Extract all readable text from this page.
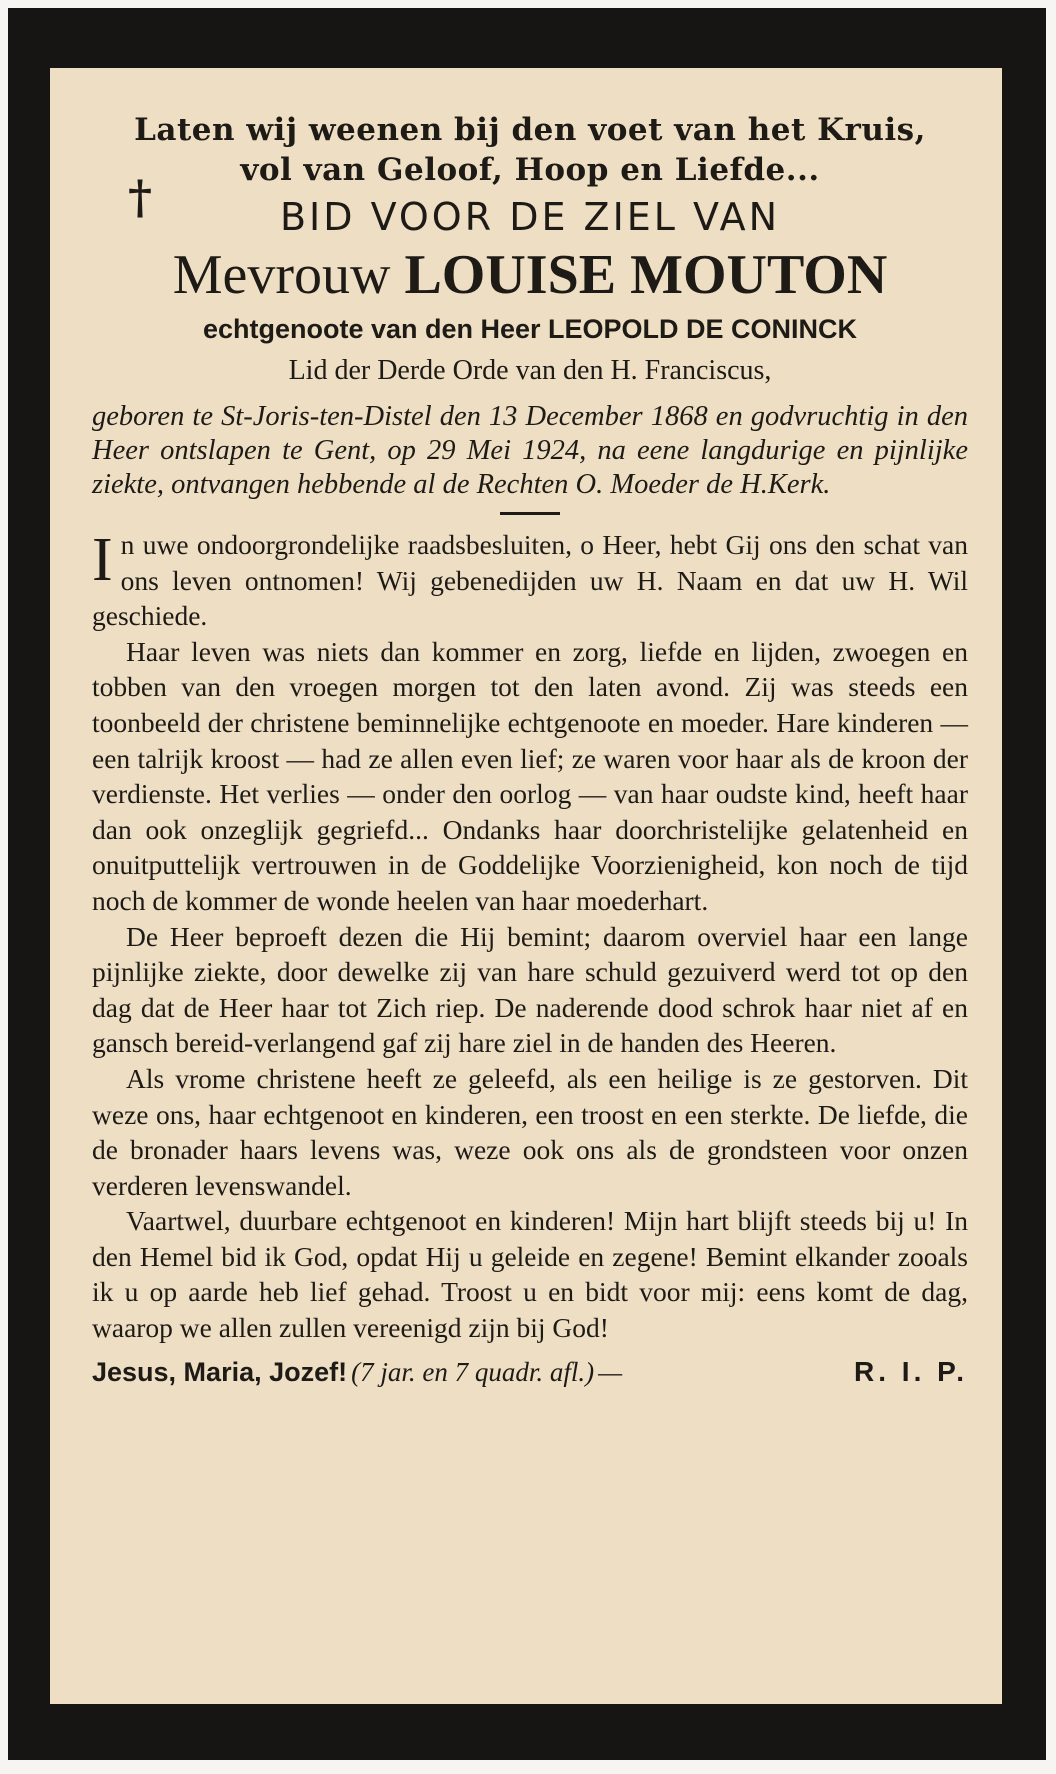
Laten wij weenen bij den voet van het Kruis,
vol van Geloof, Hoop en Liefde...
†	BID VOOR DE ZIEL VAN
Mevrouw LOUISE MOUTON
echtgenoote van den Heer LEOPOLD DE CONINCK
Lid der Derde Orde van den H. Franciscus,
geboren te St-Joris-ten-Distel den 13 December 1868 en godvruchtig in den Heer ontslapen te Gent, op 29 Mei 1924, na eene langdurige en pijnlijke ziekte, ontvangen hebbende al de Rechten O. Moeder de H.Kerk.

In uwe ondoorgrondelijke raadsbesluiten, o Heer, hebt Gij ons den schat van ons leven ontnomen! Wij gebenedijden uw H. Naam en dat uw H. Wil geschiede.

Haar leven was niets dan kommer en zorg, liefde en lijden, zwoegen en tobben van den vroegen morgen tot den laten avond. Zij was steeds een toonbeeld der christene beminnelijke echtgenoote en moeder. Hare kinderen — een talrijk kroost — had ze allen even lief; ze waren voor haar als de kroon der verdienste. Het verlies — onder den oorlog — van haar oudste kind, heeft haar dan ook onzeglijk gegriefd... Ondanks haar doorchristelijke gelatenheid en onuitputtelijk vertrouwen in de Goddelijke Voorzienigheid, kon noch de tijd noch de kommer de wonde heelen van haar moederhart.

De Heer beproeft dezen die Hij bemint; daarom overviel haar een lange pijnlijke ziekte, door dewelke zij van hare schuld gezuiverd werd tot op den dag dat de Heer haar tot Zich riep. De naderende dood schrok haar niet af en gansch bereid-verlangend gaf zij hare ziel in de handen des Heeren.

Als vrome christene heeft ze geleefd, als een heilige is ze gestorven. Dit weze ons, haar echtgenoot en kinderen, een troost en een sterkte. De liefde, die de bronader haars levens was, weze ook ons als de grondsteen voor onzen verderen levenswandel.

Vaartwel, duurbare echtgenoot en kinderen! Mijn hart blijft steeds bij u! In den Hemel bid ik God, opdat Hij u geleide en zegene! Bemint elkander zooals ik u op aarde heb lief gehad. Troost u en bidt voor mij: eens komt de dag, waarop we allen zullen vereenigd zijn bij God!

Jesus, Maria, Jozef! (7 jar. en 7 quadr. afl.) —	R. I. P.
